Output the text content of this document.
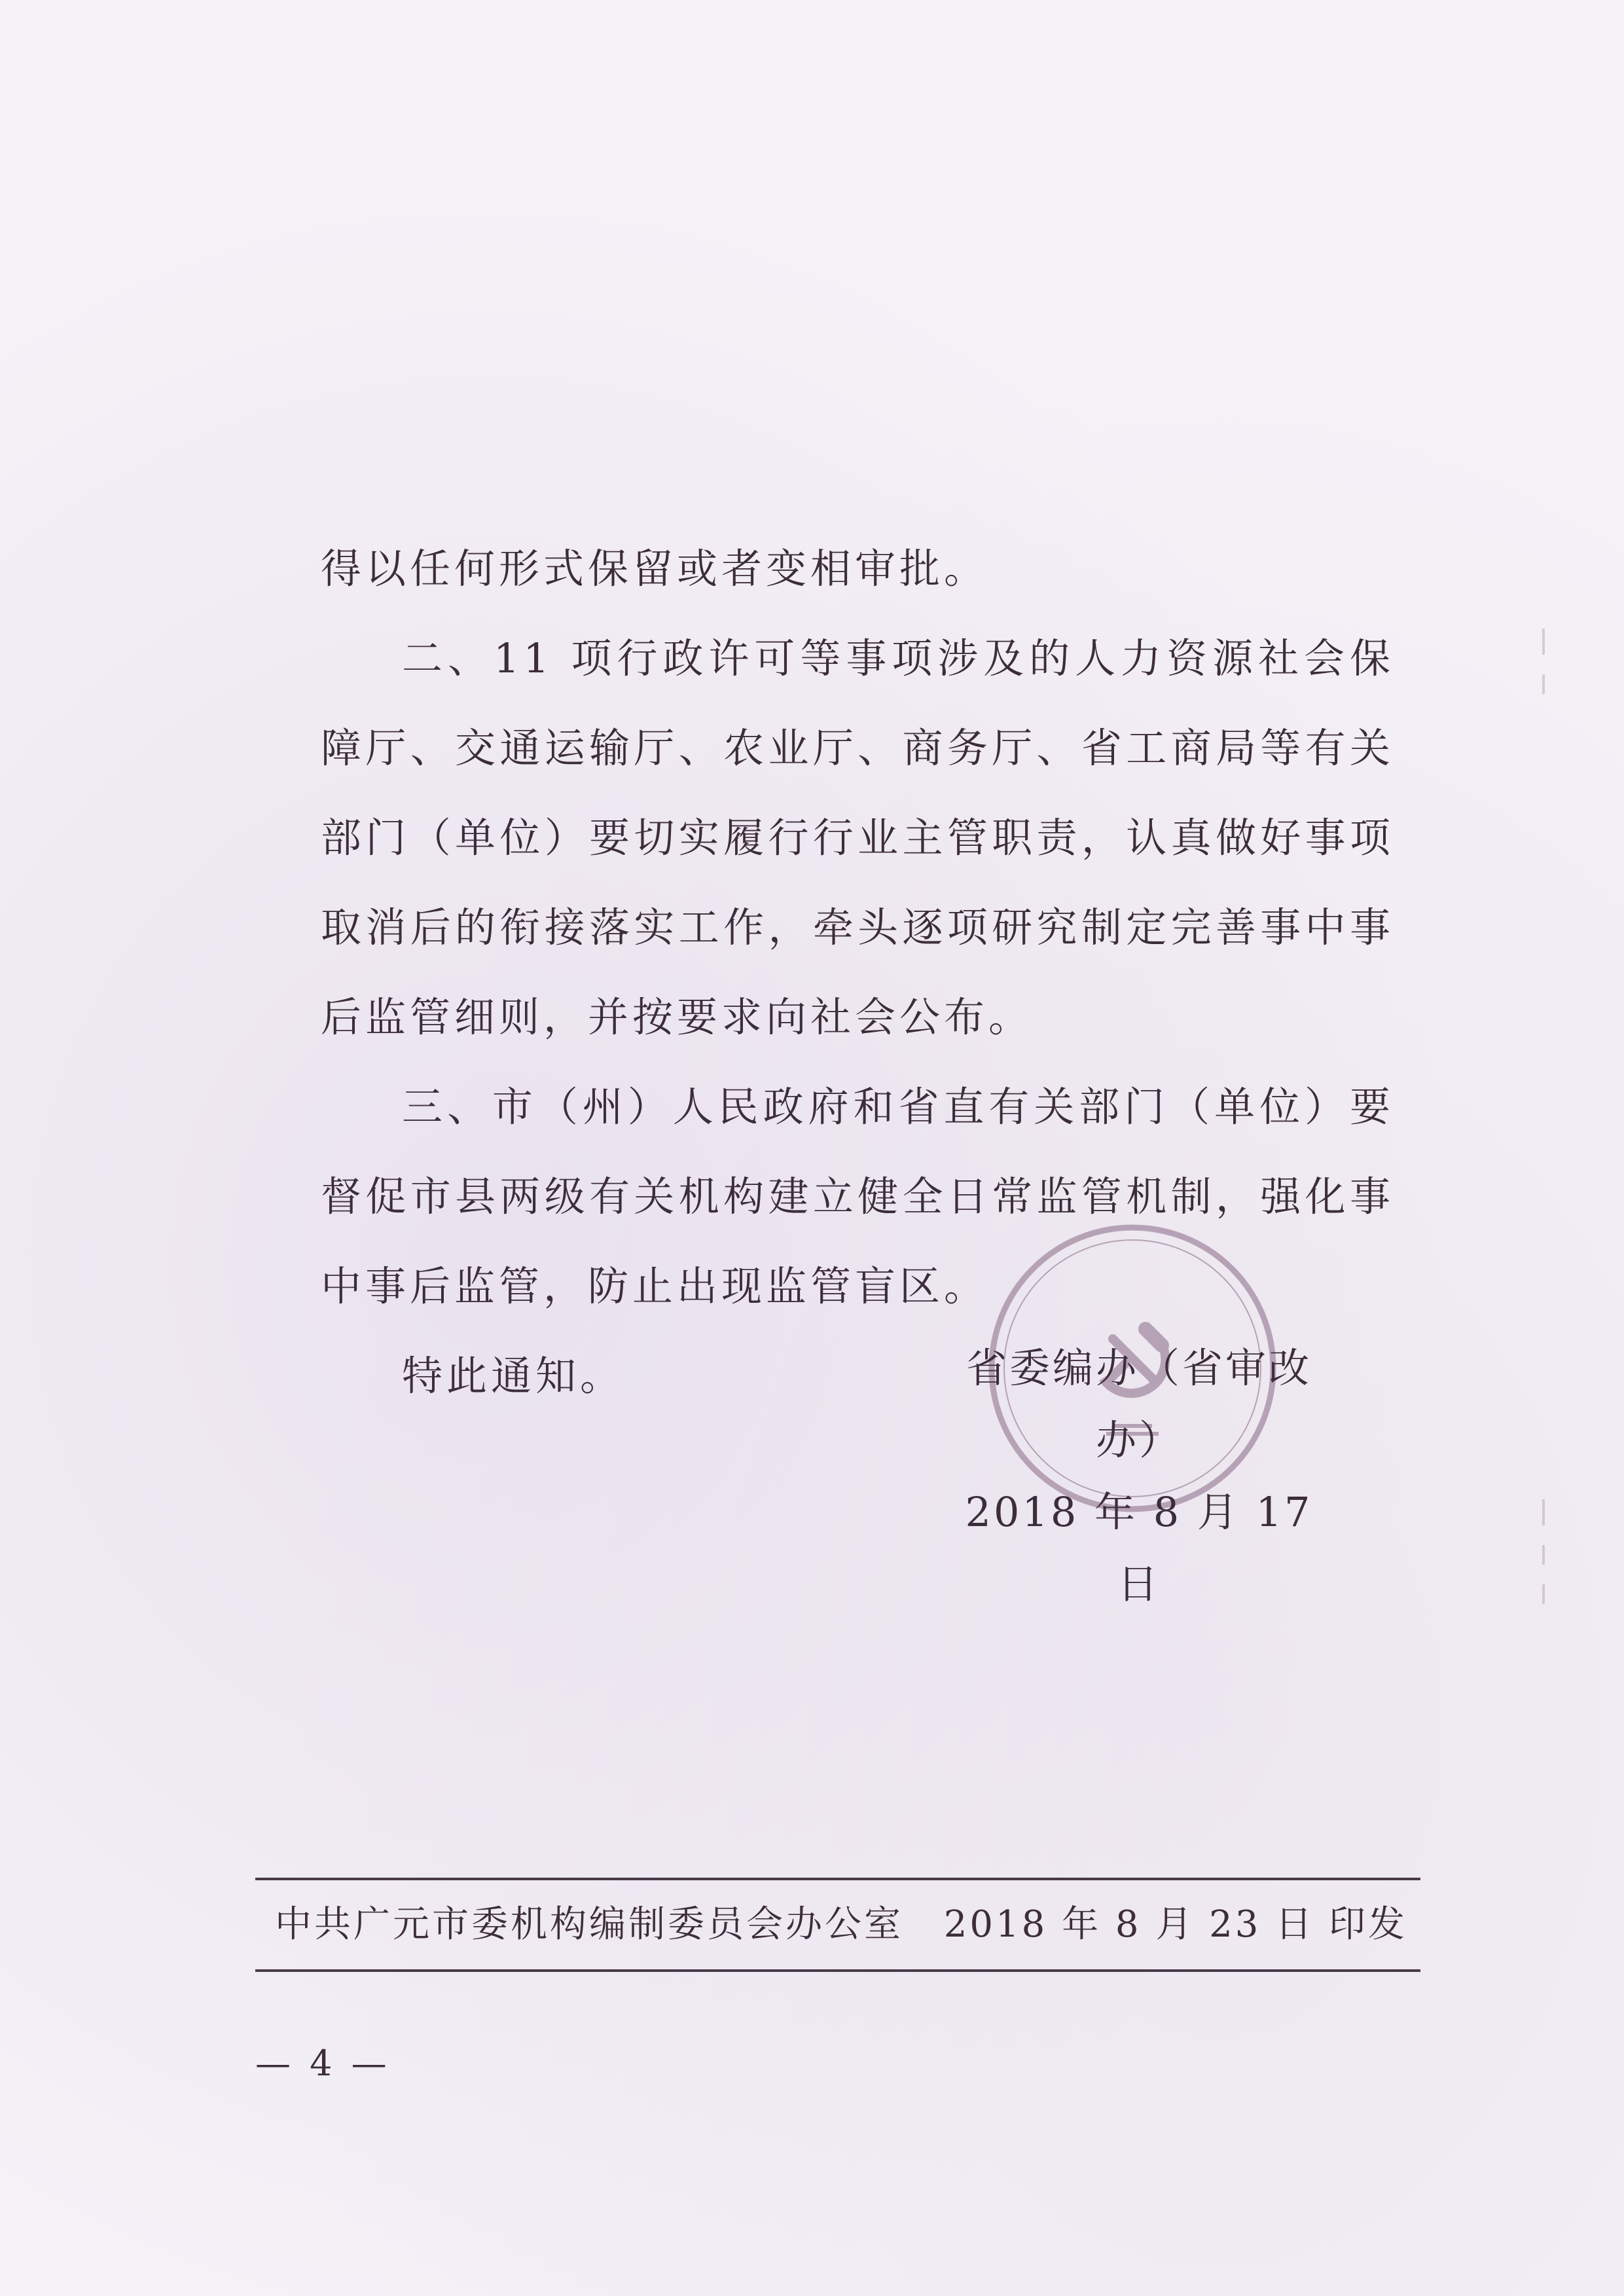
得以任何形式保留或者变相审批。

二、11 项行政许可等事项涉及的人力资源社会保障厅、交通运输厅、农业厅、商务厅、省工商局等有关部门（单位）要切实履行行业主管职责，认真做好事项取消后的衔接落实工作，牵头逐项研究制定完善事中事后监管细则，并按要求向社会公布。

三、市（州）人民政府和省直有关部门（单位）要督促市县两级有关机构建立健全日常监管机制，强化事中事后监管，防止出现监管盲区。

特此通知。	省委编办（省审改办）
2018 年 8 月 17 日
中共广元市委机构编制委员会办公室 2018 年 8 月 23 日 印发
— 4 —
